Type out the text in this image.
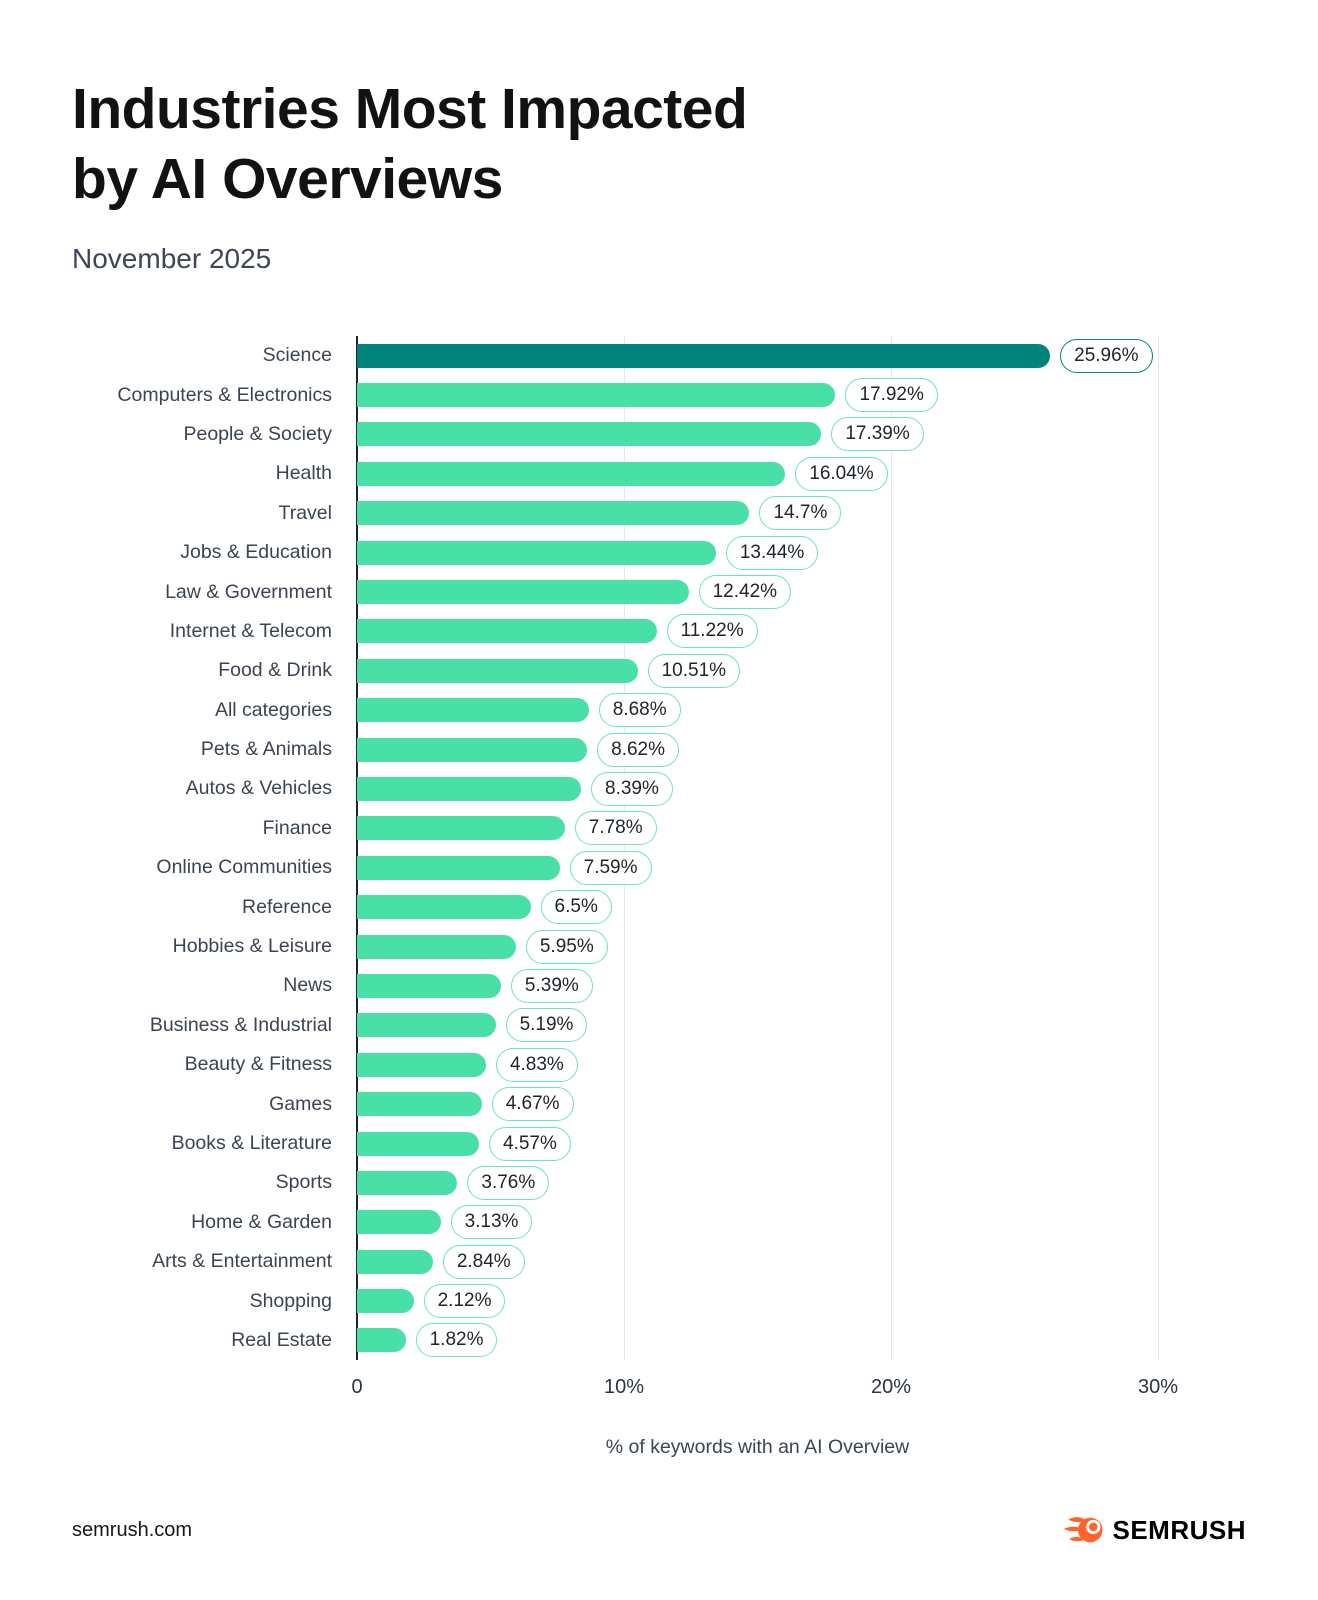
Industries Most Impacted
by AI Overviews
November 2025
Science	25.96%
Computers & Electronics	17.92%
People & Society	17.39%
Health	16.04%
Travel	14.7%
Jobs & Education	13.44%
Law & Government	12.42%
Internet & Telecom	11.22%
Food & Drink	10.51%
All categories	8.68%
Pets & Animals	8.62%
Autos & Vehicles	8.39%
Finance	7.78%
Online Communities	7.59%
Reference	6.5%
Hobbies & Leisure	5.95%
News	5.39%
Business & Industrial	5.19%
Beauty & Fitness	4.83%
Games	4.67%
Books & Literature	4.57%
Sports	3.76%
Home & Garden	3.13%
Arts & Entertainment	2.84%
Shopping	2.12%
Real Estate	1.82%
0	10%	20%	30%
% of keywords with an AI Overview
semrush.com	SEMRUSH
